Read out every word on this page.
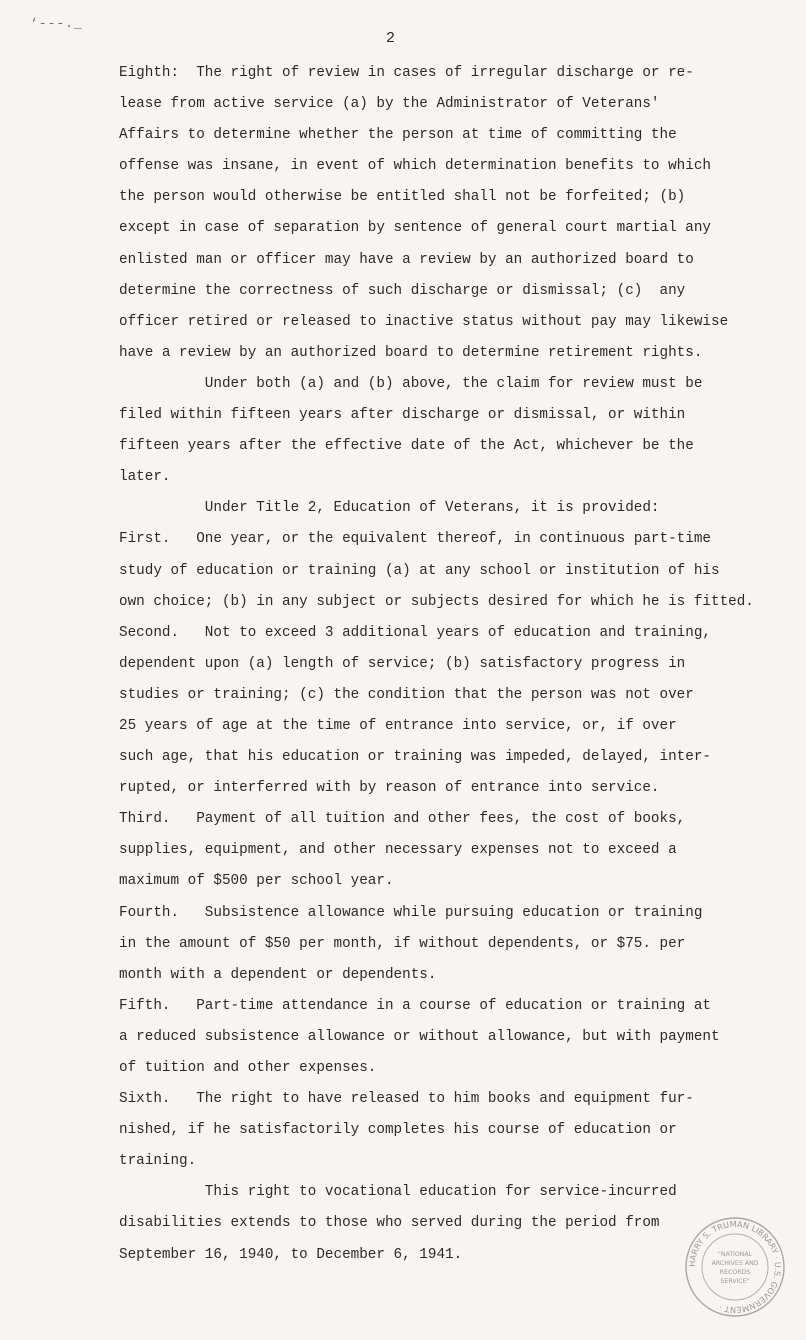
‘---._
2
Eighth:  The right of review in cases of irregular discharge or re-
lease from active service (a) by the Administrator of Veterans'
Affairs to determine whether the person at time of committing the
offense was insane, in event of which determination benefits to which
the person would otherwise be entitled shall not be forfeited; (b)
except in case of separation by sentence of general court martial any
enlisted man or officer may have a review by an authorized board to
determine the correctness of such discharge or dismissal; (c)  any
officer retired or released to inactive status without pay may likewise
have a review by an authorized board to determine retirement rights.
Under both (a) and (b) above, the claim for review must be
filed within fifteen years after discharge or dismissal, or within
fifteen years after the effective date of the Act, whichever be the
later.
Under Title 2, Education of Veterans, it is provided:
First.   One year, or the equivalent thereof, in continuous part-time
study of education or training (a) at any school or institution of his
own choice; (b) in any subject or subjects desired for which he is fitted.
Second.   Not to exceed 3 additional years of education and training,
dependent upon (a) length of service; (b) satisfactory progress in
studies or training; (c) the condition that the person was not over
25 years of age at the time of entrance into service, or, if over
such age, that his education or training was impeded, delayed, inter-
rupted, or interferred with by reason of entrance into service.
Third.   Payment of all tuition and other fees, the cost of books,
supplies, equipment, and other necessary expenses not to exceed a
maximum of $500 per school year.
Fourth.   Subsistence allowance while pursuing education or training
in the amount of $50 per month, if without dependents, or $75. per
month with a dependent or dependents.
Fifth.   Part-time attendance in a course of education or training at
a reduced subsistence allowance or without allowance, but with payment
of tuition and other expenses.
Sixth.   The right to have released to him books and equipment fur-
nished, if he satisfactorily completes his course of education or
training.
This right to vocational education for service-incurred
disabilities extends to those who served during the period from
September 16, 1940, to December 6, 1941.
HARRY S. TRUMAN LIBRARY · U.S. GOVERNMENT ·
"NATIONAL
ARCHIVES AND
RECORDS
SERVICE"
